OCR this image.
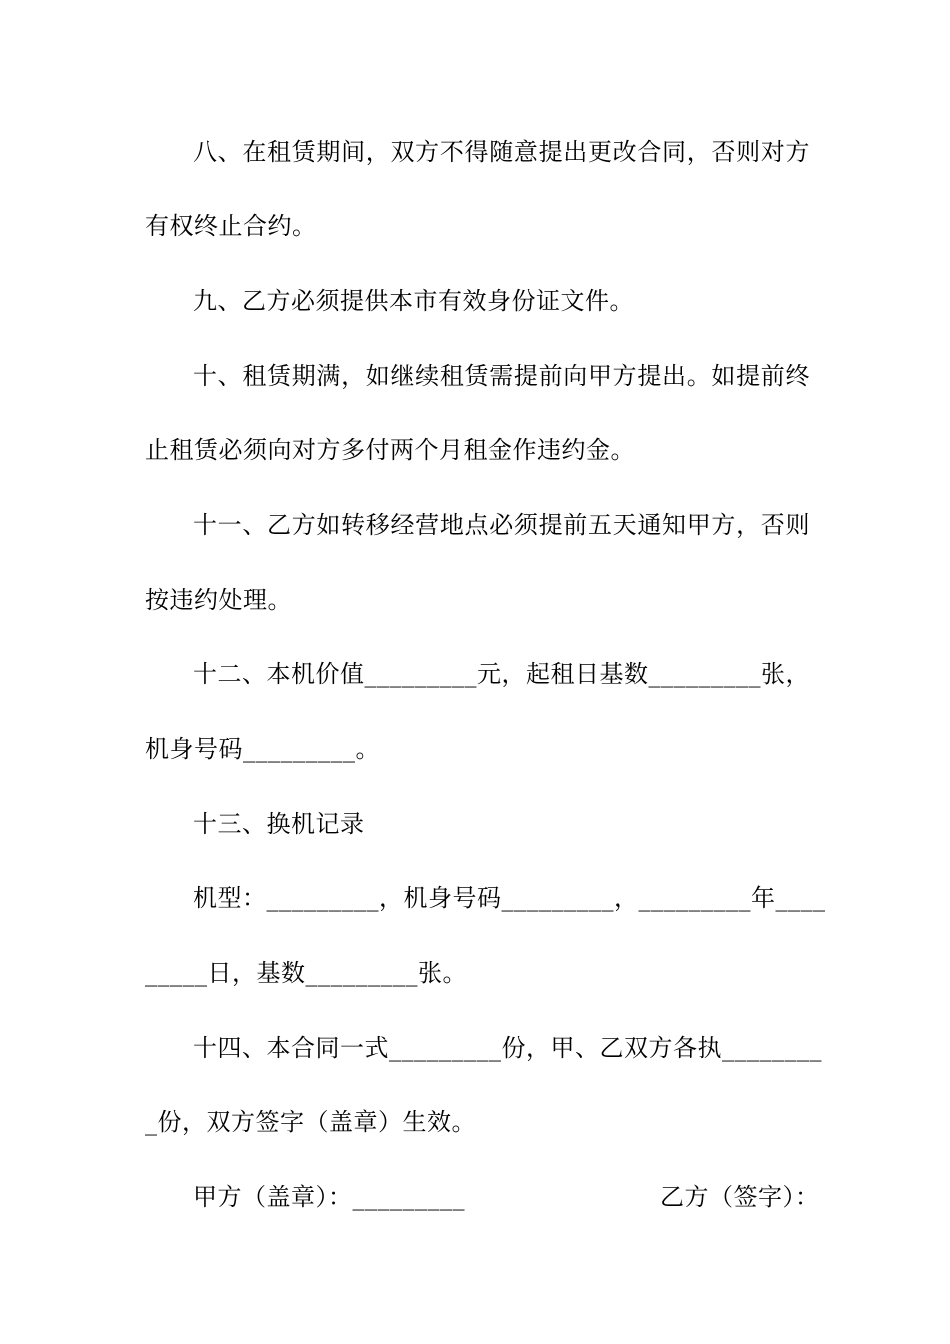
八、在租赁期间，双方不得随意提出更改合同，否则对方
有权终止合约。
九、乙方必须提供本市有效身份证文件。
十、租赁期满，如继续租赁需提前向甲方提出。如提前终
止租赁必须向对方多付两个月租金作违约金。
十一、乙方如转移经营地点必须提前五天通知甲方，否则
按违约处理。
十二、本机价值_________元，起租日基数_________张，
机身号码_________。
十三、换机记录
机型：_________，机身号码_________，_________年____
_____日，基数_________张。
十四、本合同一式_________份，甲、乙双方各执________
_份，双方签字（盖章）生效。
甲方（盖章）：_________	乙方（签字）：
